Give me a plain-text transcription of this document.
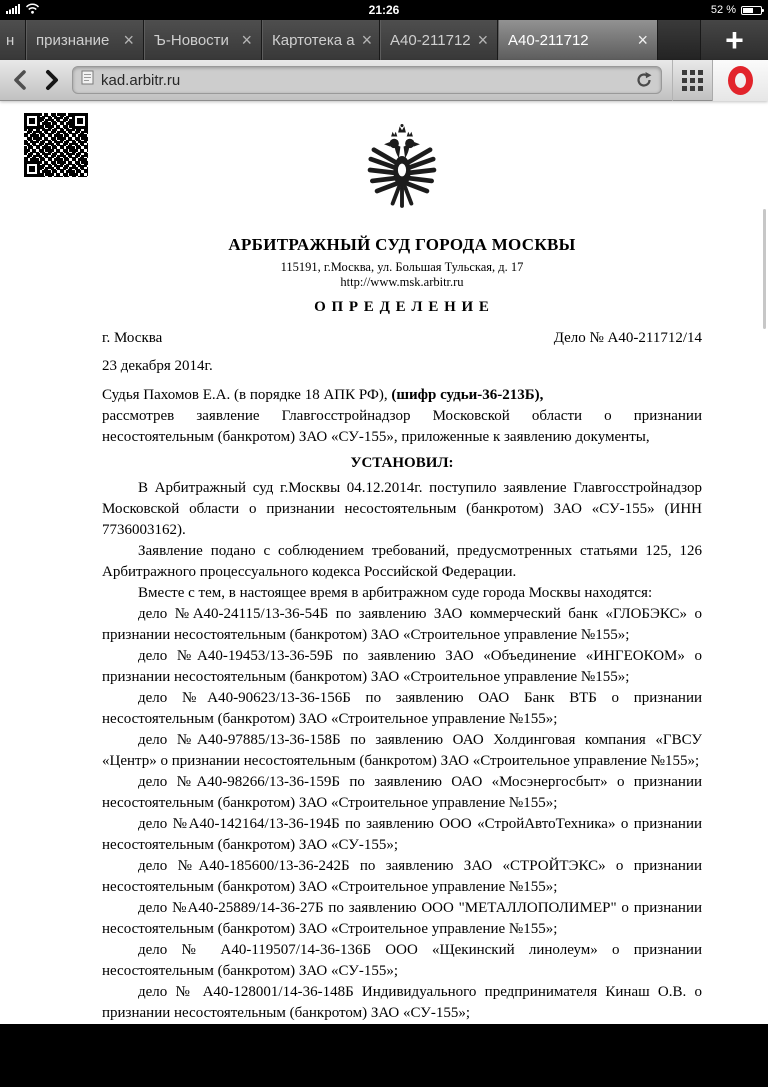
21:26	52 %
н	признание × Ъ-Новости × Картотека а × А40-211712 × А40-211712	×	+
kad.arbitr.ru
АРБИТРАЖНЫЙ СУД ГОРОДА МОСКВЫ
115191, г.Москва, ул. Большая Тульская, д. 17
http://www.msk.arbitr.ru
О П Р Е Д Е Л Е Н И Е
г. Москва	Дело № А40-211712/14
23 декабря 2014г.

Судья Пахомов Е.А. (в порядке 18 АПК РФ), (шифр судьи-36-213Б),

рассмотрев заявление Главгосстройнадзор Московской области о признании несостоятельным (банкротом) ЗАО «СУ-155», приложенные к заявлению документы,

УСТАНОВИЛ:

В Арбитражный суд г.Москвы 04.12.2014г. поступило заявление Главгосстройнадзор Московской области о признании несостоятельным (банкротом) ЗАО «СУ-155» (ИНН 7736003162).

Заявление подано с соблюдением требований, предусмотренных статьями 125, 126 Арбитражного процессуального кодекса Российской Федерации.

Вместе с тем, в настоящее время в арбитражном суде города Москвы находятся:

дело №А40-24115/13-36-54Б по заявлению ЗАО коммерческий банк «ГЛОБЭКС» о признании несостоятельным (банкротом) ЗАО «Строительное управление №155»;

дело №А40-19453/13-36-59Б по заявлению ЗАО «Объединение «ИНГЕОКОМ» о признании несостоятельным (банкротом) ЗАО «Строительное управление №155»;

дело №А40-90623/13-36-156Б по заявлению ОАО Банк ВТБ о признании несостоятельным (банкротом) ЗАО «Строительное управление №155»;

дело №А40-97885/13-36-158Б по заявлению ОАО Холдинговая компания «ГВСУ «Центр» о признании несостоятельным (банкротом) ЗАО «Строительное управление №155»;

дело №А40-98266/13-36-159Б по заявлению ОАО «Мосэнергосбыт» о признании несостоятельным (банкротом) ЗАО «Строительное управление №155»;

дело №А40-142164/13-36-194Б по заявлению ООО «СтройАвтоТехника» о признании несостоятельным (банкротом) ЗАО «СУ-155»;

дело №А40-185600/13-36-242Б по заявлению ЗАО «СТРОЙТЭКС» о признании несостоятельным (банкротом) ЗАО «Строительное управление №155»;

дело №А40-25889/14-36-27Б по заявлению ООО "МЕТАЛЛОПОЛИМЕР" о признании несостоятельным (банкротом) ЗАО «Строительное управление №155»;

дело № А40-119507/14-36-136Б ООО «Щекинский линолеум» о признании несостоятельным (банкротом) ЗАО «СУ-155»;

дело № А40-128001/14-36-148Б Индивидуального предпринимателя Кинаш О.В. о признании несостоятельным (банкротом) ЗАО «СУ-155»;

дело № А40-152925/14-36-206Б ООО «Литана» о признании несостоятельным (банкротом) ЗАО «СУ-155»;

дело № А40-143980/14-36-189Б ООО «Служба Правового Содействия» о
